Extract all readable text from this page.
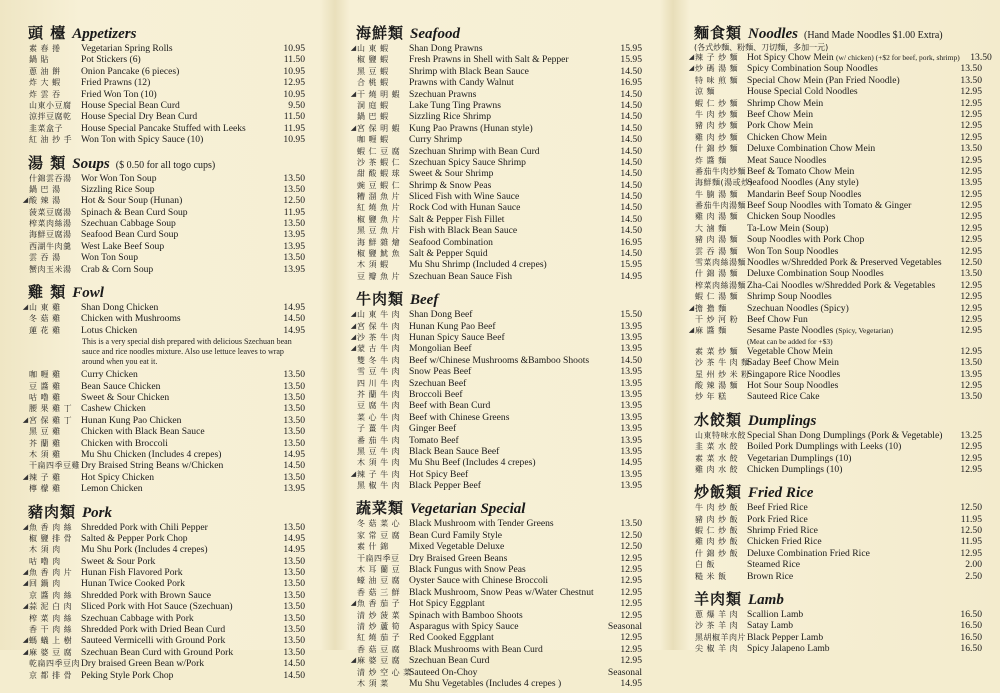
頭 檯 Appetizers
素 春 捲	Vegetarian Spring Rolls	10.95
鍋 貼	Pot Stickers (6)	11.50
蔥 油 餅	Onion Pancake (6 pieces)	10.95
炸 大 蝦	Fried Prawns (12)	12.95
炸 雲 吞	Fried Won Ton (10)	10.95
山東小豆腐 House Special Bean Curd	9.50
涼拌豆腐乾 House Special Dry Bean Curd	11.50
韭菜盒子	House Special Pancake Stuffed with Leeks	11.95
紅 油 抄 手 Won Ton with Spicy Sauce (10)	10.95
湯 類 Soups ($ 0.50 for all togo cups)
什錦雲吞湯 Wor Won Ton Soup	13.50
鍋 巴 湯	Sizzling Rice Soup	13.50
◢ 酸 辣 湯	Hot & Sour Soup (Hunan)	12.50
菠菜豆腐湯 Spinach & Bean Curd Soup	11.95
榨菜肉絲湯 Szechuan Cabbage Soup	13.50
海鮮豆腐湯 Seafood Bean Curd Soup	13.95
西湖牛肉羹 West Lake Beef Soup	13.95
雲 吞 湯	Won Ton Soup	13.50
蟹肉玉米湯 Crab & Corn Soup	13.95
雞 類 Fowl
◢ 山 東 雞	Shan Dong Chicken	14.95
冬 菇 雞	Chicken with Mushrooms	14.50
蓮 花 雞	Lotus Chicken	14.95
This is a very special dish prepared with delicious Szechuan bean sauce and rice noodles mixture. Also use lettuce leaves to wrap around when you eat it.
咖 喱 雞	Curry Chicken	13.50
豆 醬 雞	Bean Sauce Chicken	13.50
咕 嚕 雞	Sweet & Sour Chicken	13.50
腰 果 雞 丁 Cashew Chicken	13.50
◢ 宮 保 雞 丁 Hunan Kung Pao Chicken	13.50
黑 豆 雞	Chicken with Black Bean Sauce	13.50
芥 蘭 雞	Chicken with Broccoli	13.50
木 須 雞	Mu Shu Chicken (Includes 4 crepes)	14.95
干扁四季豆雞 Dry Braised String Beans w/Chicken	14.50
◢ 辣 子 雞	Hot Spicy Chicken	13.50
檸 檬 雞	Lemon Chicken	13.95
豬肉類 Pork
◢ 魚 香 肉 絲 Shredded Pork with Chili Pepper	13.50
椒 鹽 排 骨 Salted & Pepper Pork Chop	14.95
木 須 肉	Mu Shu Pork (Includes 4 crepes)	14.95
咕 嚕 肉	Sweet & Sour Pork	13.50
◢ 魚 香 肉 片 Hunan Fish Flavored Pork	13.50
◢ 回 鍋 肉	Hunan Twice Cooked Pork	13.50
京 醬 肉 絲 Shredded Pork with Brown Sauce	13.50
◢ 蒜 泥 白 肉 Sliced Pork with Hot Sauce (Szechuan)	13.50
榨 菜 肉 絲 Szechuan Cabbage with Pork	13.50
香 干 肉 絲 Shredded Pork with Dried Bean Curd	13.50
◢ 螞 蟻 上 樹 Sauteed Vermicelli with Ground Pork	13.50
◢ 麻 婆 豆 腐 Szechuan Bean Curd with Ground Pork	13.50
乾扁四季豆肉 Dry braised Green Bean w/Pork	14.50
京 都 排 骨 Peking Style Pork Chop	14.50
海鮮類 Seafood
◢ 山 東 蝦	Shan Dong Prawns	15.95
椒 鹽 蝦	Fresh Prawns in Shell with Salt & Pepper	15.95
黑 豆 蝦	Shrimp with Black Bean Sauce	14.50
合 桃 蝦	Prawns with Candy Walnut	16.95
◢ 干 燒 明 蝦 Szechuan Prawns	14.50
洞 庭 蝦	Lake Tung Ting Prawns	14.50
鍋 巴 蝦	Sizzling Rice Shrimp	14.50
◢ 宮 保 明 蝦 Kung Pao Prawns (Hunan style)	14.50
咖 喱 蝦	Curry Shrimp	14.50
蝦 仁 豆 腐 Szechuan Shrimp with Bean Curd	14.50
沙 茶 蝦 仁 Szechuan Spicy Sauce Shrimp	14.50
甜 酸 蝦 球 Sweet & Sour Shrimp	14.50
豌 豆 蝦 仁 Shrimp & Snow Peas	14.50
糟 溜 魚 片 Sliced Fish with Wine Sauce	14.50
紅 燒 魚 片 Rock Cod with Hunan Sauce	14.50
椒 鹽 魚 片 Salt & Pepper Fish Fillet	14.50
黑 豆 魚 片 Fish with Black Bean Sauce	14.50
海 鮮 雜 燴 Seafood Combination	16.95
椒 鹽 魷 魚 Salt & Pepper Squid	14.50
木 須 蝦	Mu Shu Shrimp (Included 4 crepes)	15.95
豆 瓣 魚 片 Szechuan Bean Sauce Fish	14.95
牛肉類 Beef
◢ 山 東 牛 肉 Shan Dong Beef	15.50
◢ 宮 保 牛 肉 Hunan Kung Pao Beef	13.95
◢ 沙 茶 牛 肉 Hunan Spicy Sauce Beef	13.95
◢ 蒙 古 牛 肉 Mongolian Beef	13.95
雙 冬 牛 肉 Beef w/Chinese Mushrooms &Bamboo Shoots	14.50
雪 豆 牛 肉 Snow Peas Beef	13.95
四 川 牛 肉 Szechuan Beef	13.95
芥 蘭 牛 肉 Broccoli Beef	13.95
豆 腐 牛 肉 Beef with Bean Curd	13.95
菜 心 牛 肉 Beef with Chinese Greens	13.95
子 薑 牛 肉 Ginger Beef	13.95
番 茄 牛 肉 Tomato Beef	13.95
黑 豆 牛 肉 Black Bean Sauce Beef	13.95
木 須 牛 肉 Mu Shu Beef (Includes 4 crepes)	14.95
◢ 辣 子 牛 肉 Hot Spicy Beef	13.95
黑 椒 牛 肉 Black Pepper Beef	13.95
蔬菜類 Vegetarian Special
冬 菇 菜 心 Black Mushroom with Tender Greens	13.50
家 常 豆 腐 Bean Curd Family Style	12.50
素 什 錦	Mixed Vegetable Deluxe	12.50
干扁四季豆 Dry Braised Green Beans	12.95
木 耳 蘭 豆 Black Fungus with Snow Peas	12.95
蠔 油 豆 腐 Oyster Sauce with Chinese Broccoli	12.95
香 菇 三 鮮 Black Mushroom, Snow Peas w/Water Chestnut	12.95
◢ 魚 香 茄 子 Hot Spicy Eggplant	12.95
清 炒 菠 菜 Spinach with Bamboo Shoots	12.95
清 炒 蘆 筍 Asparagus with Spicy Sauce	Seasonal
紅 燒 茄 子 Red Cooked Eggplant	12.95
香 菇 豆 腐 Black Mushrooms with Bean Curd	12.95
◢ 麻 婆 豆 腐 Szechuan Bean Curd	12.95
清 炒 空 心 菜
Sauteed On-Choy	Seasonal
木 須 菜	Mu Shu Vegetables (Includes 4 crepes )	14.95
麵食類 Noodles (Hand Made Noodles $1.00 Extra)
(各式炒麵、粉麵、刀切麵，多加一元)
◢ 辣 子 炒 麵 Hot Spicy Chow Mein (w/ chicken) (+$2 for beef, pork, shrimp)	13.50
◢ 炒 碼 湯 麵 Spicy Combination Soup Noodles	13.50
特 味 煎 麵 Special Chow Mein (Pan Fried Noodle)	13.50
涼 麵	House Special Cold Noodles	12.95
蝦 仁 炒 麵 Shrimp Chow Mein	12.95
牛 肉 炒 麵 Beef Chow Mein	12.95
豬 肉 炒 麵 Pork Chow Mein	12.95
雞 肉 炒 麵 Chicken Chow Mein	12.95
什 錦 炒 麵 Deluxe Combination Chow Mein	13.50
炸 醬 麵	Meat Sauce Noodles	12.95
番茄牛肉炒麵 Beef & Tomato Chow Mein	12.95
海鮮麵(湯或炒)
Seafood Noodles (Any style)	13.95
牛 腩 湯 麵 Mandarin Beef Soup Noodles	12.95
番茄牛肉湯麵 Beef Soup Noodles with Tomato & Ginger	12.95
雞 肉 湯 麵 Chicken Soup Noodles	12.95
大 滷 麵	Ta-Low Mein (Soup)	12.95
豬 肉 湯 麵 Soup Noodles with Pork Chop	12.95
雲 吞 湯 麵 Won Ton Soup Noodles	12.95
雪菜肉絲湯麵 Noodles w/Shredded Pork & Preserved Vegetables	12.50
什 錦 湯 麵 Deluxe Combination Soup Noodles	13.50
榨菜肉絲湯麵 Zha-Cai Noodles w/Shredded Pork & Vegetables	12.95
蝦 仁 湯 麵 Shrimp Soup Noodles	12.95
◢ 擔 擔 麵	Szechuan Noodles (Spicy)	12.95
干 炒 河 粉 Beef Chow Fun	12.95
◢ 麻 醬 麵	Sesame Paste Noodles (Spicy, Vegetarian)	12.95
(Meat can be added for +$3)
素 菜 炒 麵 Vegetable Chow Mein	12.95
沙 茶 牛 肉 麵
Saday Beef Chow Mein	13.50
星 州 炒 米 粉
Singapore Rice Noodles	13.95
酸 辣 湯 麵 Hot Sour Soup Noodles	12.95
炒 年 糕	Sauteed Rice Cake	13.50
水餃類 Dumplings
山東特味水餃 Special Shan Dong Dumplings (Pork & Vegetable)	13.25
韭 菜 水 餃 Boiled Pork Dumplings with Leeks (10)	12.95
素 菜 水 餃 Vegetarian Dumplings (10)	12.95
雞 肉 水 餃 Chicken Dumplings (10)	12.95
炒飯類 Fried Rice
牛 肉 炒 飯 Beef Fried Rice	12.50
豬 肉 炒 飯 Pork Fried Rice	11.95
蝦 仁 炒 飯 Shrimp Fried Rice	12.50
雞 肉 炒 飯 Chicken Fried Rice	11.95
什 錦 炒 飯 Deluxe Combination Fried Rice	12.95
白 飯	Steamed Rice	2.00
糙 米 飯	Brown Rice	2.50
羊肉類 Lamb
蔥 爆 羊 肉 Scallion Lamb	16.50
沙 茶 羊 肉 Satay Lamb	16.50
黑胡椒羊肉片 Black Pepper Lamb	16.50
尖 椒 羊 肉 Spicy Jalapeno Lamb	16.50
